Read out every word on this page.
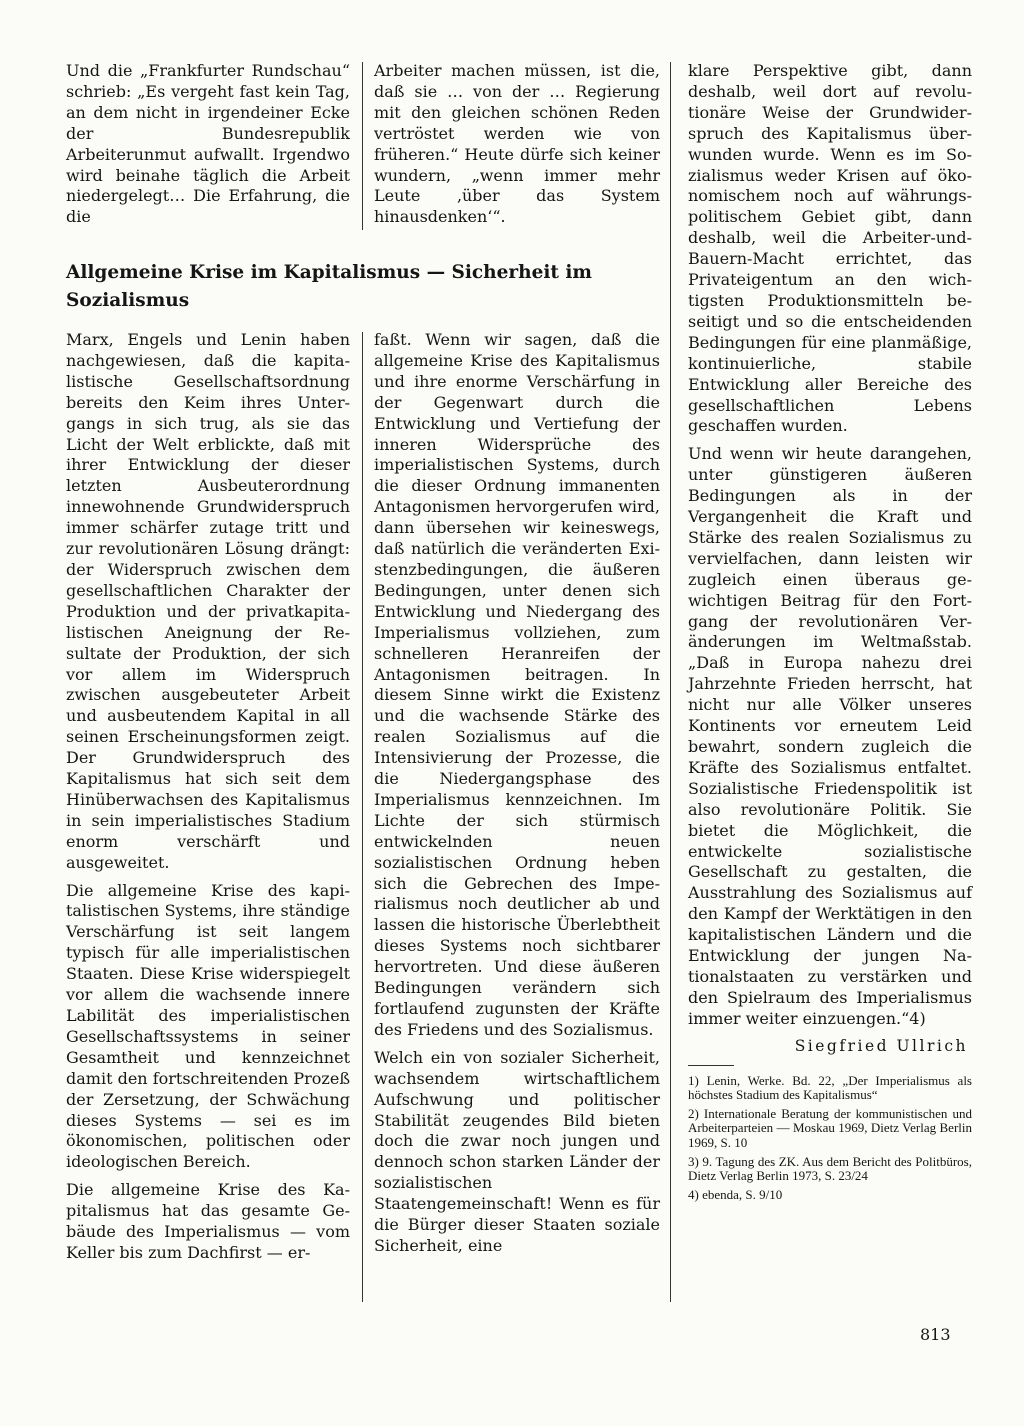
Und die „Frankfurter Rundschau“ schrieb: „Es vergeht fast kein Tag, an dem nicht in irgendeiner Ecke der Bundesrepublik Arbeiterunmut aufwallt. Irgendwo wird beinahe täglich die Arbeit niedergelegt… Die Erfahrung, die die

Arbeiter machen müssen, ist die, daß sie … von der … Regierung mit den gleichen schönen Reden vertröstet werden wie von früheren.“ Heute dürfe sich keiner wundern, „wenn immer mehr Leute ‚über das System hinausdenken‘“.

Allgemeine Krise im Kapitalismus — Sicherheit im Sozialismus

Marx, Engels und Lenin haben nachgewiesen, daß die kapitalistische Gesellschaftsordnung bereits den Keim ihres Untergangs in sich trug, als sie das Licht der Welt erblickte, daß mit ihrer Entwicklung der dieser letzten Ausbeuterordnung innewohnende Grundwiderspruch immer schärfer zutage tritt und zur revolutionären Lösung drängt: der Widerspruch zwischen dem gesellschaftlichen Charakter der Produktion und der privatkapitalistischen Aneignung der Resultate der Produktion, der sich vor allem im Widerspruch zwischen ausgebeuteter Arbeit und ausbeutendem Kapital in all seinen Erscheinungsformen zeigt. Der Grundwiderspruch des Kapitalismus hat sich seit dem Hinüberwachsen des Kapitalismus in sein imperialistisches Stadium enorm verschärft und ausgeweitet.

Die allgemeine Krise des kapitalistischen Systems, ihre ständige Verschärfung ist seit langem typisch für alle imperialistischen Staaten. Diese Krise widerspiegelt vor allem die wachsende innere Labilität des imperialistischen Gesellschaftssystems in seiner Gesamtheit und kennzeichnet damit den fortschreitenden Prozeß der Zersetzung, der Schwächung dieses Systems — sei es im ökonomischen, politischen oder ideologischen Bereich.

Die allgemeine Krise des Kapitalismus hat das gesamte Gebäude des Imperialismus — vom Keller bis zum Dachfirst — er-

faßt. Wenn wir sagen, daß die allgemeine Krise des Kapitalismus und ihre enorme Verschärfung in der Gegenwart durch die Entwicklung und Vertiefung der inneren Widersprüche des imperialistischen Systems, durch die dieser Ordnung immanenten Antagonismen hervorgerufen wird, dann übersehen wir keineswegs, daß natürlich die veränderten Existenzbedingungen, die äußeren Bedingungen, unter denen sich Entwicklung und Niedergang des Imperialismus vollziehen, zum schnelleren Heranreifen der Antagonismen beitragen. In diesem Sinne wirkt die Existenz und die wachsende Stärke des realen Sozialismus auf die Intensivierung der Prozesse, die die Niedergangsphase des Imperialismus kennzeichnen. Im Lichte der sich stürmisch entwickelnden neuen sozialistischen Ordnung heben sich die Gebrechen des Imperialismus noch deutlicher ab und lassen die historische Überlebtheit dieses Systems noch sichtbarer hervortreten. Und diese äußeren Bedingungen verändern sich fortlaufend zugunsten der Kräfte des Friedens und des Sozialismus.

Welch ein von sozialer Sicherheit, wachsendem wirtschaftlichem Aufschwung und politischer Stabilität zeugendes Bild bieten doch die zwar noch jungen und dennoch schon starken Länder der sozialistischen Staatengemeinschaft! Wenn es für die Bürger dieser Staaten soziale Sicherheit, eine

klare Perspektive gibt, dann deshalb, weil dort auf revolutionäre Weise der Grundwiderspruch des Kapitalismus überwunden wurde. Wenn es im Sozialismus weder Krisen auf ökonomischem noch auf währungspolitischem Gebiet gibt, dann deshalb, weil die Arbeiter-und-Bauern-Macht errichtet, das Privateigentum an den wichtigsten Produktionsmitteln beseitigt und so die entscheidenden Bedingungen für eine planmäßige, kontinuierliche, stabile Entwicklung aller Bereiche des gesellschaftlichen Lebens geschaffen wurden.

Und wenn wir heute darangehen, unter günstigeren äußeren Bedingungen als in der Vergangenheit die Kraft und Stärke des realen Sozialismus zu vervielfachen, dann leisten wir zugleich einen überaus gewichtigen Beitrag für den Fortgang der revolutionären Veränderungen im Weltmaßstab. „Daß in Europa nahezu drei Jahrzehnte Frieden herrscht, hat nicht nur alle Völker unseres Kontinents vor erneutem Leid bewahrt, sondern zugleich die Kräfte des Sozialismus entfaltet. Sozialistische Friedenspolitik ist also revolutionäre Politik. Sie bietet die Möglichkeit, die entwickelte sozialistische Gesellschaft zu gestalten, die Ausstrahlung des Sozialismus auf den Kampf der Werktätigen in den kapitalistischen Ländern und die Entwicklung der jungen Nationalstaaten zu verstärken und den Spielraum des Imperialismus immer weiter einzuengen.“4)

Siegfried Ullrich

1) Lenin, Werke. Bd. 22, „Der Imperialismus als höchstes Stadium des Kapitalismus“

2) Internationale Beratung der kommunistischen und Arbeiterparteien — Moskau 1969, Dietz Verlag Berlin 1969, S. 10

3) 9. Tagung des ZK. Aus dem Bericht des Politbüros, Dietz Verlag Berlin 1973, S. 23/24

4) ebenda, S. 9/10

813
